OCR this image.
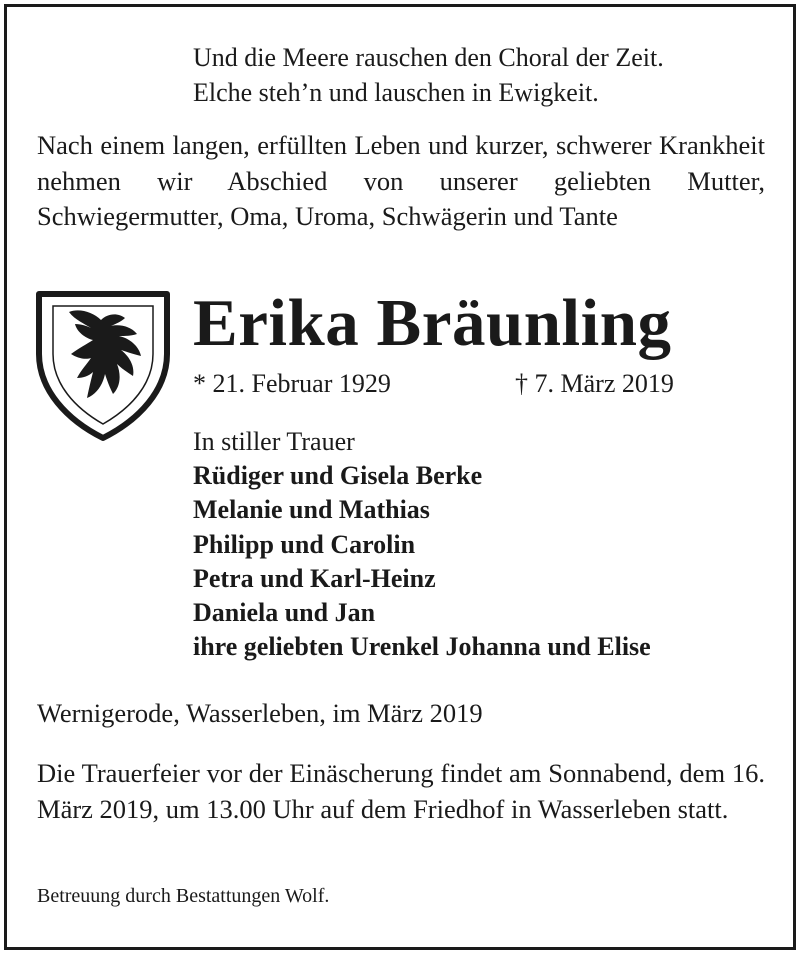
Und die Meere rauschen den Choral der Zeit.
Elche steh’n und lauschen in Ewigkeit.
Nach einem langen, erfüllten Leben und kurzer, schwerer Krankheit nehmen wir Abschied von unserer geliebten Mutter, Schwiegermutter, Oma, Uroma, Schwägerin und Tante
Erika Bräunling
* 21. Februar 1929	† 7. März 2019
In stiller Trauer
Rüdiger und Gisela Berke
Melanie und Mathias
Philipp und Carolin
Petra und Karl-Heinz
Daniela und Jan
ihre geliebten Urenkel Johanna und Elise
Wernigerode, Wasserleben, im März 2019
Die Trauerfeier vor der Einäscherung findet am Sonnabend, dem 16. März 2019, um 13.00 Uhr auf dem Friedhof in Wasserleben statt.
Betreuung durch Bestattungen Wolf.
